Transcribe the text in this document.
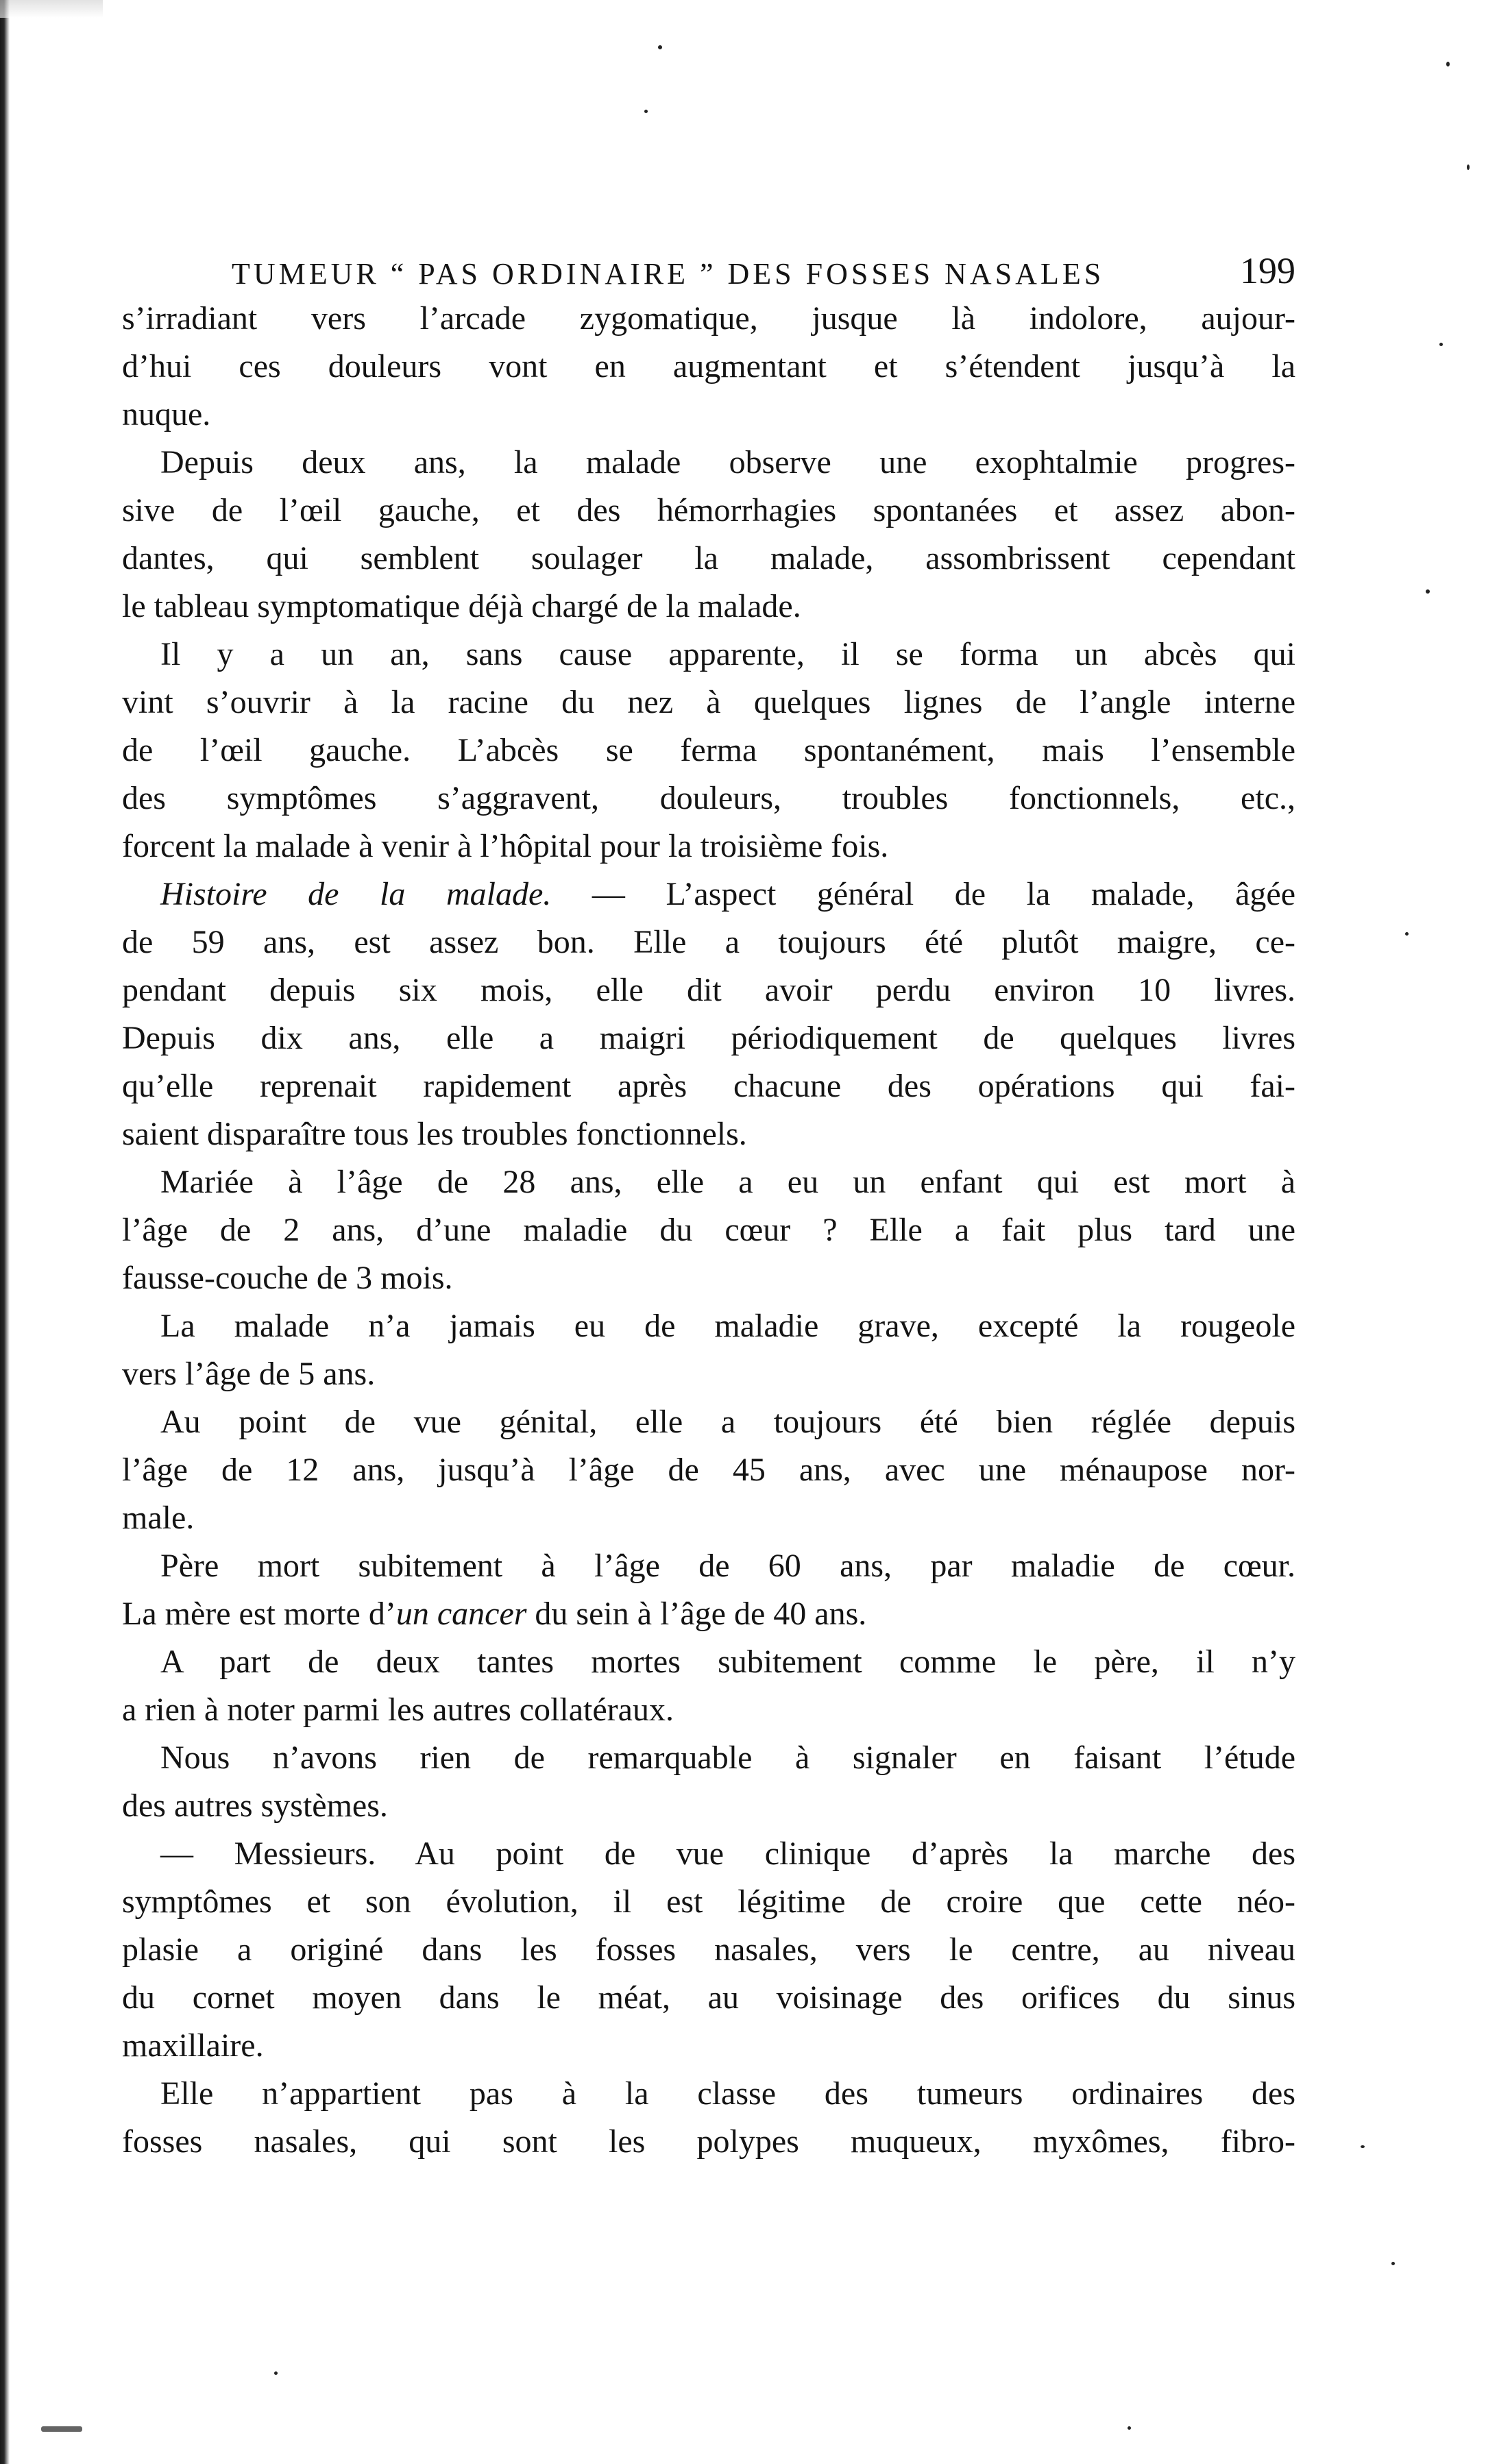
TUMEUR “ PAS ORDINAIRE ” DES FOSSES NASALES	199
s’irradiant vers l’arcade zygomatique, jusque là indolore, aujour-
d’hui ces douleurs vont en augmentant et s’étendent jusqu’à la
nuque.
Depuis deux ans, la malade observe une exophtalmie progres-
sive de l’œil gauche, et des hémorrhagies spontanées et assez abon-
dantes, qui semblent soulager la malade, assombrissent cependant
le tableau symptomatique déjà chargé de la malade.
Il y a un an, sans cause apparente, il se forma un abcès qui
vint s’ouvrir à la racine du nez à quelques lignes de l’angle interne
de l’œil gauche. L’abcès se ferma spontanément, mais l’ensemble
des symptômes s’aggravent, douleurs, troubles fonctionnels, etc.,
forcent la malade à venir à l’hôpital pour la troisième fois.
Histoire de la malade. — L’aspect général de la malade, âgée
de 59 ans, est assez bon. Elle a toujours été plutôt maigre, ce-
pendant depuis six mois, elle dit avoir perdu environ 10 livres.
Depuis dix ans, elle a maigri périodiquement de quelques livres
qu’elle reprenait rapidement après chacune des opérations qui fai-
saient disparaître tous les troubles fonctionnels.
Mariée à l’âge de 28 ans, elle a eu un enfant qui est mort à
l’âge de 2 ans, d’une maladie du cœur ? Elle a fait plus tard une
fausse-couche de 3 mois.
La malade n’a jamais eu de maladie grave, excepté la rougeole
vers l’âge de 5 ans.
Au point de vue génital, elle a toujours été bien réglée depuis
l’âge de 12 ans, jusqu’à l’âge de 45 ans, avec une ménaupose nor-
male.
Père mort subitement à l’âge de 60 ans, par maladie de cœur.
La mère est morte d’un cancer du sein à l’âge de 40 ans.
A part de deux tantes mortes subitement comme le père, il n’y
a rien à noter parmi les autres collatéraux.
Nous n’avons rien de remarquable à signaler en faisant l’étude
des autres systèmes.
— Messieurs. Au point de vue clinique d’après la marche des
symptômes et son évolution, il est légitime de croire que cette néo-
plasie a originé dans les fosses nasales, vers le centre, au niveau
du cornet moyen dans le méat, au voisinage des orifices du sinus
maxillaire.
Elle n’appartient pas à la classe des tumeurs ordinaires des
fosses nasales, qui sont les polypes muqueux, myxômes, fibro-
